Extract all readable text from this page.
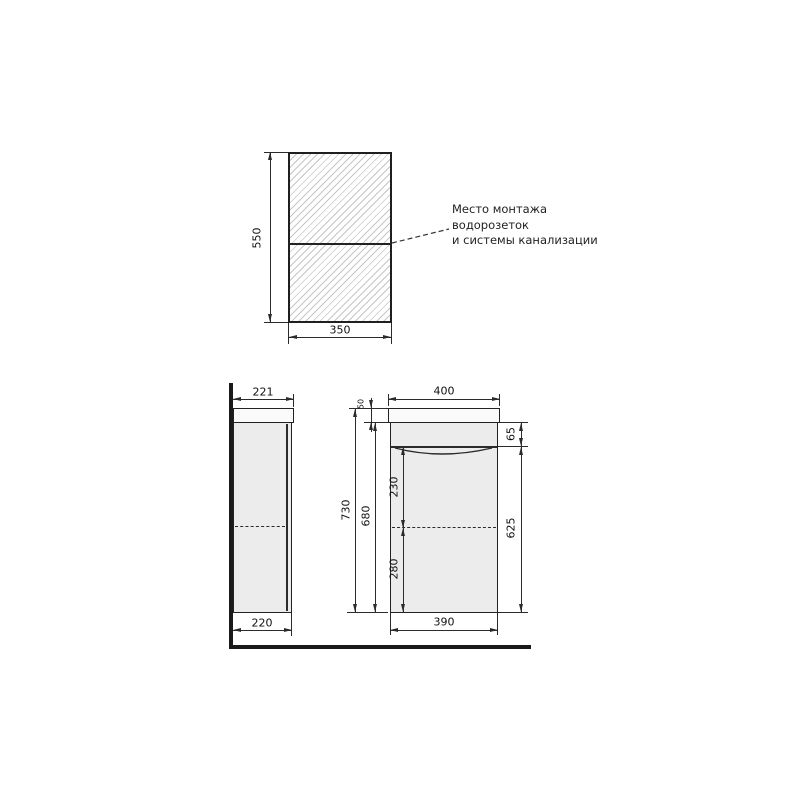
550
350
Место монтажа
водорозеток
и системы канализации
221
220
400
50
730 680
230
280
65
625
390
